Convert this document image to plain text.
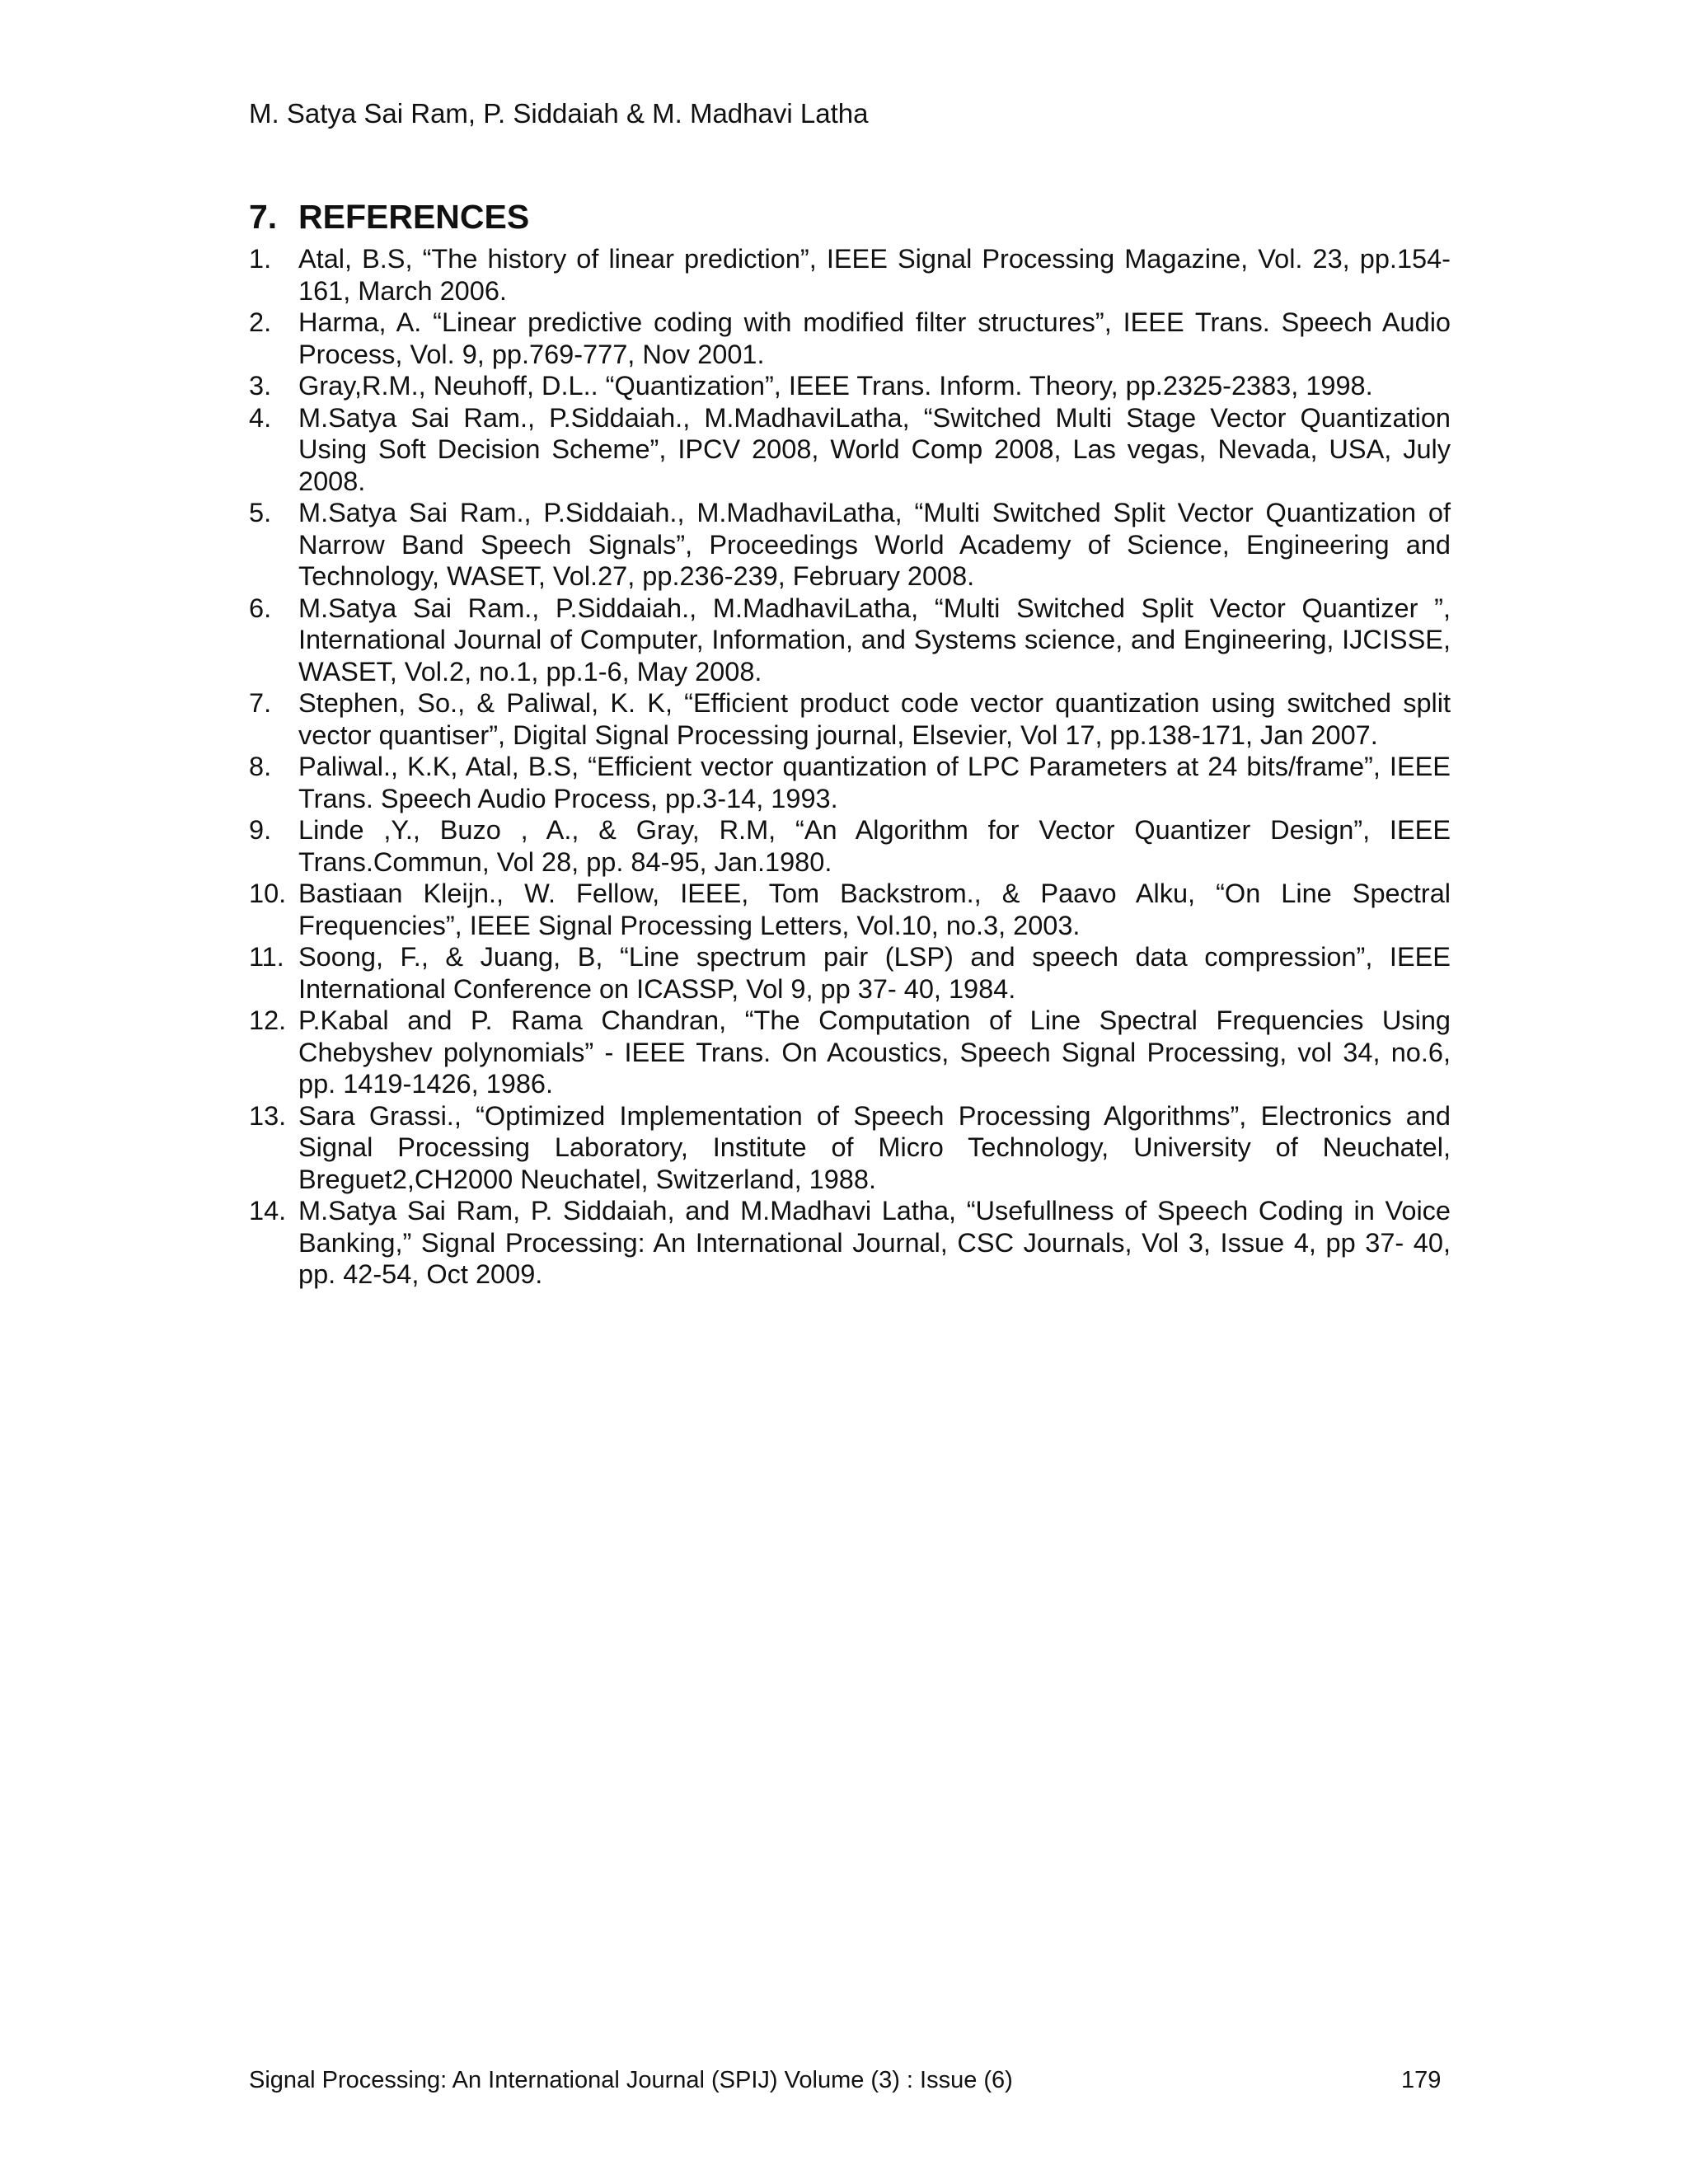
M. Satya Sai Ram, P. Siddaiah & M. Madhavi Latha
7. REFERENCES
1. Atal, B.S, “The history of linear prediction”, IEEE Signal Processing Magazine, Vol. 23, pp.154-161, March 2006.
2. Harma, A. “Linear predictive coding with modified filter structures”, IEEE Trans. Speech Audio Process, Vol. 9, pp.769-777, Nov 2001.
3. Gray,R.M., Neuhoff, D.L.. “Quantization”, IEEE Trans. Inform. Theory, pp.2325-2383, 1998.
4. M.Satya Sai Ram., P.Siddaiah., M.MadhaviLatha, “Switched Multi Stage Vector Quantization Using Soft Decision Scheme”, IPCV 2008, World Comp 2008, Las vegas, Nevada, USA, July 2008.
5. M.Satya Sai Ram., P.Siddaiah., M.MadhaviLatha, “Multi Switched Split Vector Quantization of Narrow Band Speech Signals”, Proceedings World Academy of Science, Engineering and Technology, WASET, Vol.27, pp.236-239, February 2008.
6. M.Satya Sai Ram., P.Siddaiah., M.MadhaviLatha, “Multi Switched Split Vector Quantizer ”, International Journal of Computer, Information, and Systems science, and Engineering, IJCISSE, WASET, Vol.2, no.1, pp.1-6, May 2008.
7. Stephen, So., & Paliwal, K. K, “Efficient product code vector quantization using switched split vector quantiser”, Digital Signal Processing journal, Elsevier, Vol 17, pp.138-171, Jan 2007.
8. Paliwal., K.K, Atal, B.S, “Efficient vector quantization of LPC Parameters at 24 bits/frame”, IEEE Trans. Speech Audio Process, pp.3-14, 1993.
9. Linde ,Y., Buzo , A., & Gray, R.M, “An Algorithm for Vector Quantizer Design”, IEEE Trans.Commun, Vol 28, pp. 84-95, Jan.1980.
10. Bastiaan Kleijn., W. Fellow, IEEE, Tom Backstrom., & Paavo Alku, “On Line Spectral Frequencies”, IEEE Signal Processing Letters, Vol.10, no.3, 2003.
11. Soong, F., & Juang, B, “Line spectrum pair (LSP) and speech data compression”, IEEE International Conference on ICASSP, Vol 9, pp 37- 40, 1984.
12. P.Kabal and P. Rama Chandran, “The Computation of Line Spectral Frequencies Using Chebyshev polynomials” - IEEE Trans. On Acoustics, Speech Signal Processing, vol 34, no.6, pp. 1419-1426, 1986.
13. Sara Grassi., “Optimized Implementation of Speech Processing Algorithms”, Electronics and Signal Processing Laboratory, Institute of Micro Technology, University of Neuchatel, Breguet2,CH2000 Neuchatel, Switzerland, 1988.
14. M.Satya Sai Ram, P. Siddaiah, and M.Madhavi Latha, “Usefullness of Speech Coding in Voice Banking,” Signal Processing: An International Journal, CSC Journals, Vol 3, Issue 4, pp 37- 40, pp. 42-54, Oct 2009.
Signal Processing: An International Journal (SPIJ) Volume (3) : Issue (6)	179
